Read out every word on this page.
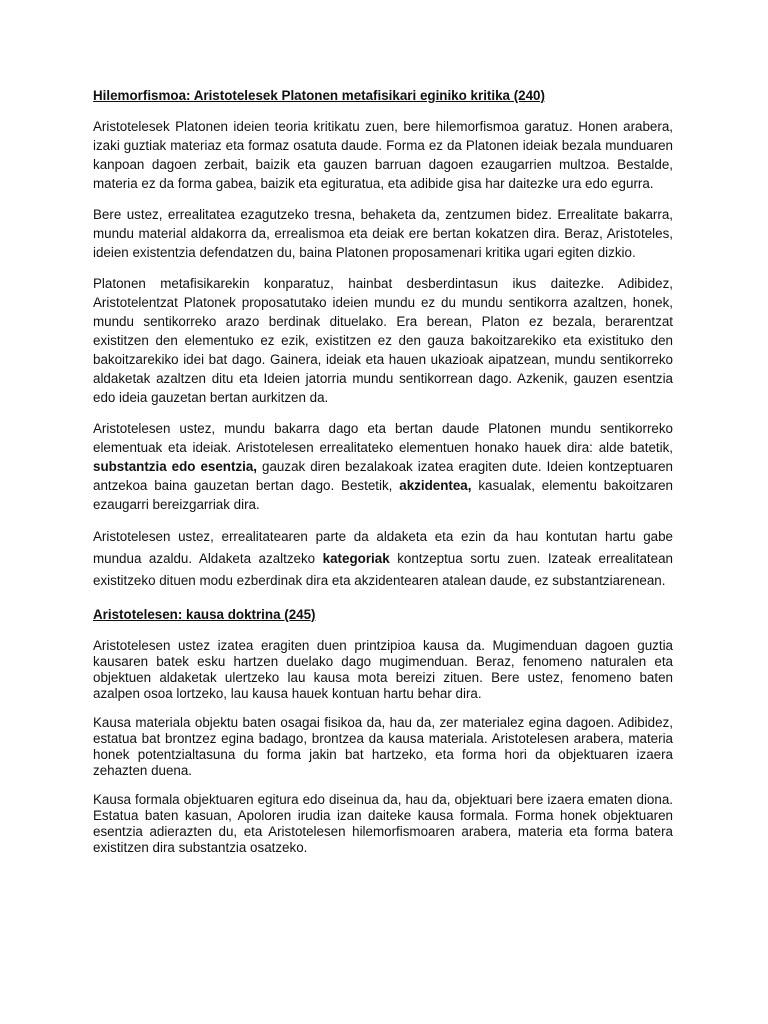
Hilemorfismoa: Aristotelesek Platonen metafisikari eginiko kritika (240)

Aristotelesek Platonen ideien teoria kritikatu zuen, bere hilemorfismoa garatuz. Honen arabera, izaki guztiak materiaz eta formaz osatuta daude. Forma ez da Platonen ideiak bezala munduaren kanpoan dagoen zerbait, baizik eta gauzen barruan dagoen ezaugarrien multzoa. Bestalde, materia ez da forma gabea, baizik eta egituratua, eta adibide gisa har daitezke ura edo egurra.

Bere ustez, errealitatea ezagutzeko tresna, behaketa da, zentzumen bidez. Errealitate bakarra, mundu material aldakorra da, errealismoa eta deiak ere bertan kokatzen dira. Beraz, Aristoteles, ideien existentzia defendatzen du, baina Platonen proposamenari kritika ugari egiten dizkio.

Platonen metafisikarekin konparatuz, hainbat desberdintasun ikus daitezke. Adibidez, Aristotelentzat Platonek proposatutako ideien mundu ez du mundu sentikorra azaltzen, honek, mundu sentikorreko arazo berdinak dituelako. Era berean, Platon ez bezala, berarentzat existitzen den elementuko ez ezik, existitzen ez den gauza bakoitzarekiko eta existituko den bakoitzarekiko idei bat dago. Gainera, ideiak eta hauen ukazioak aipatzean, mundu sentikorreko aldaketak azaltzen ditu eta Ideien jatorria mundu sentikorrean dago. Azkenik, gauzen esentzia edo ideia gauzetan bertan aurkitzen da.

Aristotelesen ustez, mundu bakarra dago eta bertan daude Platonen mundu sentikorreko elementuak eta ideiak. Aristotelesen errealitateko elementuen honako hauek dira: alde batetik, substantzia edo esentzia, gauzak diren bezalakoak izatea eragiten dute. Ideien kontzeptuaren antzekoa baina gauzetan bertan dago. Bestetik, akzidentea, kasualak, elementu bakoitzaren ezaugarri bereizgarriak dira.

Aristotelesen ustez, errealitatearen parte da aldaketa eta ezin da hau kontutan hartu gabe mundua azaldu. Aldaketa azaltzeko kategoriak kontzeptua sortu zuen. Izateak errealitatean existitzeko dituen modu ezberdinak dira eta akzidentearen atalean daude, ez substantziarenean.

Aristotelesen: kausa doktrina (245)

Aristotelesen ustez izatea eragiten duen printzipioa kausa da. Mugimenduan dagoen guztia kausaren batek esku hartzen duelako dago mugimenduan. Beraz, fenomeno naturalen eta objektuen aldaketak ulertzeko lau kausa mota bereizi zituen. Bere ustez, fenomeno baten azalpen osoa lortzeko, lau kausa hauek kontuan hartu behar dira.

Kausa materiala objektu baten osagai fisikoa da, hau da, zer materialez egina dagoen. Adibidez, estatua bat brontzez egina badago, brontzea da kausa materiala. Aristotelesen arabera, materia honek potentzialtasuna du forma jakin bat hartzeko, eta forma hori da objektuaren izaera zehazten duena.

Kausa formala objektuaren egitura edo diseinua da, hau da, objektuari bere izaera ematen diona. Estatua baten kasuan, Apoloren irudia izan daiteke kausa formala. Forma honek objektuaren esentzia adierazten du, eta Aristotelesen hilemorfismoaren arabera, materia eta forma batera existitzen dira substantzia osatzeko.
